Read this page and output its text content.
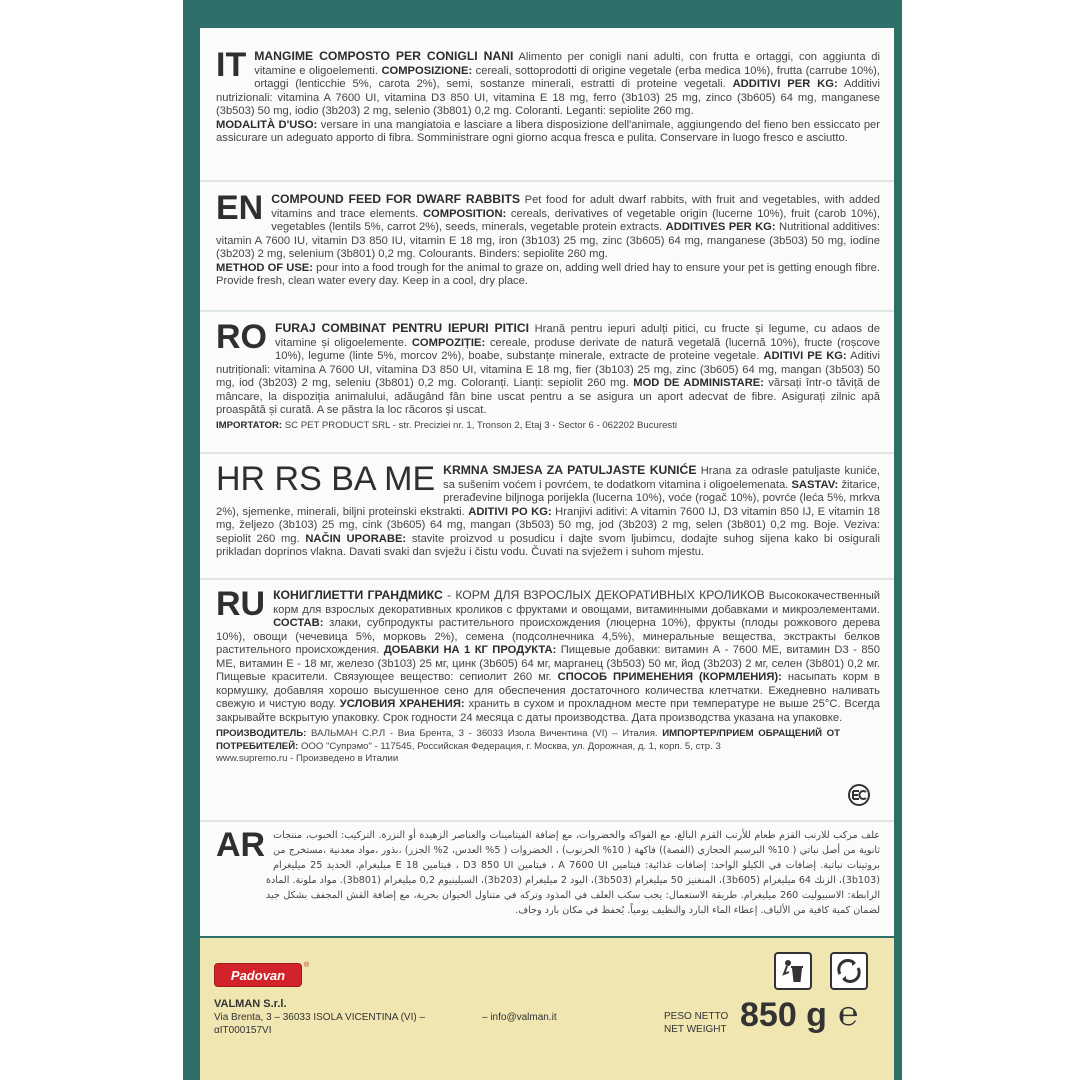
IT MANGIME COMPOSTO PER CONIGLI NANI Alimento per conigli nani adulti, con frutta e ortaggi, con aggiunta di vitamine e oligoelementi. COMPOSIZIONE: cereali, sottoprodotti di origine vegetale (erba medica 10%), frutta (carrube 10%), ortaggi (lenticchie 5%, carota 2%), semi, sostanze minerali, estratti di proteine vegetali. ADDITIVI PER KG: Additivi nutrizionali: vitamina A 7600 UI, vitamina D3 850 UI, vitamina E 18 mg, ferro (3b103) 25 mg, zinco (3b605) 64 mg, manganese (3b503) 50 mg, iodio (3b203) 2 mg, selenio (3b801) 0,2 mg. Coloranti. Leganti: sepiolite 260 mg.
MODALITÀ D'USO: versare in una mangiatoia e lasciare a libera disposizione dell'animale, aggiungendo del fieno ben essiccato per assicurare un adeguato apporto di fibra. Somministrare ogni giorno acqua fresca e pulita. Conservare in luogo fresco e asciutto.
EN COMPOUND FEED FOR DWARF RABBITS Pet food for adult dwarf rabbits, with fruit and vegetables, with added vitamins and trace elements. COMPOSITION: cereals, derivatives of vegetable origin (lucerne 10%), fruit (carob 10%), vegetables (lentils 5%, carrot 2%), seeds, minerals, vegetable protein extracts. ADDITIVES PER KG: Nutritional additives: vitamin A 7600 IU, vitamin D3 850 IU, vitamin E 18 mg, iron (3b103) 25 mg, zinc (3b605) 64 mg, manganese (3b503) 50 mg, iodine (3b203) 2 mg, selenium (3b801) 0,2 mg. Colourants. Binders: sepiolite 260 mg.
METHOD OF USE: pour into a food trough for the animal to graze on, adding well dried hay to ensure your pet is getting enough fibre. Provide fresh, clean water every day. Keep in a cool, dry place.
RO FURAJ COMBINAT PENTRU IEPURI PITICI Hrană pentru iepuri adulți pitici, cu fructe și legume, cu adaos de vitamine și oligoelemente. COMPOZIȚIE: cereale, produse derivate de natură vegetală (lucernă 10%), fructe (roșcove 10%), legume (linte 5%, morcov 2%), boabe, substanțe minerale, extracte de proteine vegetale. ADITIVI PE KG: Aditivi nutriționali: vitamina A 7600 UI, vitamina D3 850 UI, vitamina E 18 mg, fier (3b103) 25 mg, zinc (3b605) 64 mg, mangan (3b503) 50 mg, iod (3b203) 2 mg, seleniu (3b801) 0,2 mg. Coloranți. Lianți: sepiolit 260 mg. MOD DE ADMINISTARE: vărsați într-o tăviță de mâncare, la dispoziția animalului, adăugând fân bine uscat pentru a se asigura un aport adecvat de fibre. Asigurați zilnic apă proaspătă și curată. A se păstra la loc răcoros și uscat.
IMPORTATOR: SC PET PRODUCT SRL - str. Preciziei nr. 1, Tronson 2, Etaj 3 - Sector 6 - 062202 Bucuresti
HR RS BA ME KRMNA SMJESA ZA PATULJASTE KUNIĆE Hrana za odrasle patuljaste kuniće, sa sušenim voćem i povrćem, te dodatkom vitamina i oligoelemenata. SASTAV: žitarice, prerađevine biljnoga porijekla (lucerna 10%), voće (rogač 10%), povrće (leća 5%, mrkva 2%), sjemenke, minerali, biljni proteinski ekstrakti. ADITIVI PO KG: Hranjivi aditivi: A vitamin 7600 IJ, D3 vitamin 850 IJ, E vitamin 18 mg, željezo (3b103) 25 mg, cink (3b605) 64 mg, mangan (3b503) 50 mg, jod (3b203) 2 mg, selen (3b801) 0,2 mg. Boje. Veziva: sepiolit 260 mg. NAČIN UPORABE: stavite proizvod u posudicu i dajte svom ljubimcu, dodajte suhog sijena kako bi osigurali prikladan doprinos vlakna. Davati svaki dan svježu i čistu vodu. Čuvati na svježem i suhom mjestu.
RU КОНИГЛИЕТТИ ГРАНДМИКС - КОРМ ДЛЯ ВЗРОСЛЫХ ДЕКОРАТИВНЫХ КРОЛИКОВ Высококачественный корм для взрослых декоративных кроликов с фруктами и овощами, витаминными добавками и микроэлементами. СОСТАВ: злаки, субпродукты растительного происхождения (люцерна 10%), фрукты (плоды рожкового дерева 10%), овощи (чечевица 5%, морковь 2%), семена (подсолнечника 4,5%), минеральные вещества, экстракты белков растительного происхождения. ДОБАВКИ НА 1 КГ ПРОДУКТА: Пищевые добавки: витамин А - 7600 МЕ, витамин D3 - 850 МЕ, витамин Е - 18 мг, железо (3b103) 25 мг, цинк (3b605) 64 мг, марганец (3b503) 50 мг, йод (3b203) 2 мг, селен (3b801) 0,2 мг. Пищевые красители. Связующее вещество: сепиолит 260 мг. СПОСОБ ПРИМЕНЕНИЯ (КОРМЛЕНИЯ): насыпать корм в кормушку, добавляя хорошо высушенное сено для обеспечения достаточного количества клетчатки. Ежедневно наливать свежую и чистую воду. УСЛОВИЯ ХРАНЕНИЯ: хранить в сухом и прохладном месте при температуре не выше 25°С. Всегда закрывайте вскрытую упаковку. Срок годности 24 месяца с даты производства. Дата производства указана на упаковке.
ПРОИЗВОДИТЕЛЬ: ВАЛЬМАН С.Р.Л - Виа Брента, 3 - 36033 Изола Вичентина (VI) – Италия. ИМПОРТЕР/ПРИЕМ ОБРАЩЕНИЙ ОТ ПОТРЕБИТЕЛЕЙ: ООО "Супрэмо" - 117545, Российская Федерация, г. Москва, ул. Дорожная, д. 1, корп. 5, стр. 3
www.supremo.ru - Произведено в Италии
AR علف مركب للارنب القزم طعام للأرنب القزم البالغ، مع الفواكه والخضروات، مع إضافة الفيتامينات والعناصر الزهيدة أو النزرة. التركيب: الحبوب، منتجات ثانوية من أصل نباتي ( 10% البرسيم الحجازي (الفصة)) فاكهة ( 10% الخرنوب) ، الخضروات ( 5% العدس، 2% الجزر) ،بذور ،مواد معدنية ،مستخرج من بروتينات نباتية. إضافات في الكيلو الواحد: إضافات غذائية: فيتامين A 7600 UI ، فيتامين D3 850 UI ، فيتامين E 18 ميليغرام، الحديد 25 ميليغرام (3b103)، الزنك 64 ميليغرام (3b605)، المنغنيز 50 ميليغرام (3b503)، اليود 2 ميليغرام (3b203)، السيلينيوم 0,2 ميليغرام (3b801). مواد ملونة. المادة الرابطة: الاسبيوليت 260 ميليغرام. طريقة الاستعمال: يجب سكب العلف في المذود وتركه في متناول الحيوان بحرية، مع إضافة القش المجفف بشكل جيد لضمان كمية كافية من الألياف. إعطاء الماء البارد والنظيف يومياً. يُحفظ في مكان بارد وجاف.
Padovan
®
VALMAN S.r.l.
Via Brenta, 3 – 36033 ISOLA VICENTINA (VI) –	– info@valman.it
αIT000157VI
PESO NETTO
NET WEIGHT 850 g ℮
